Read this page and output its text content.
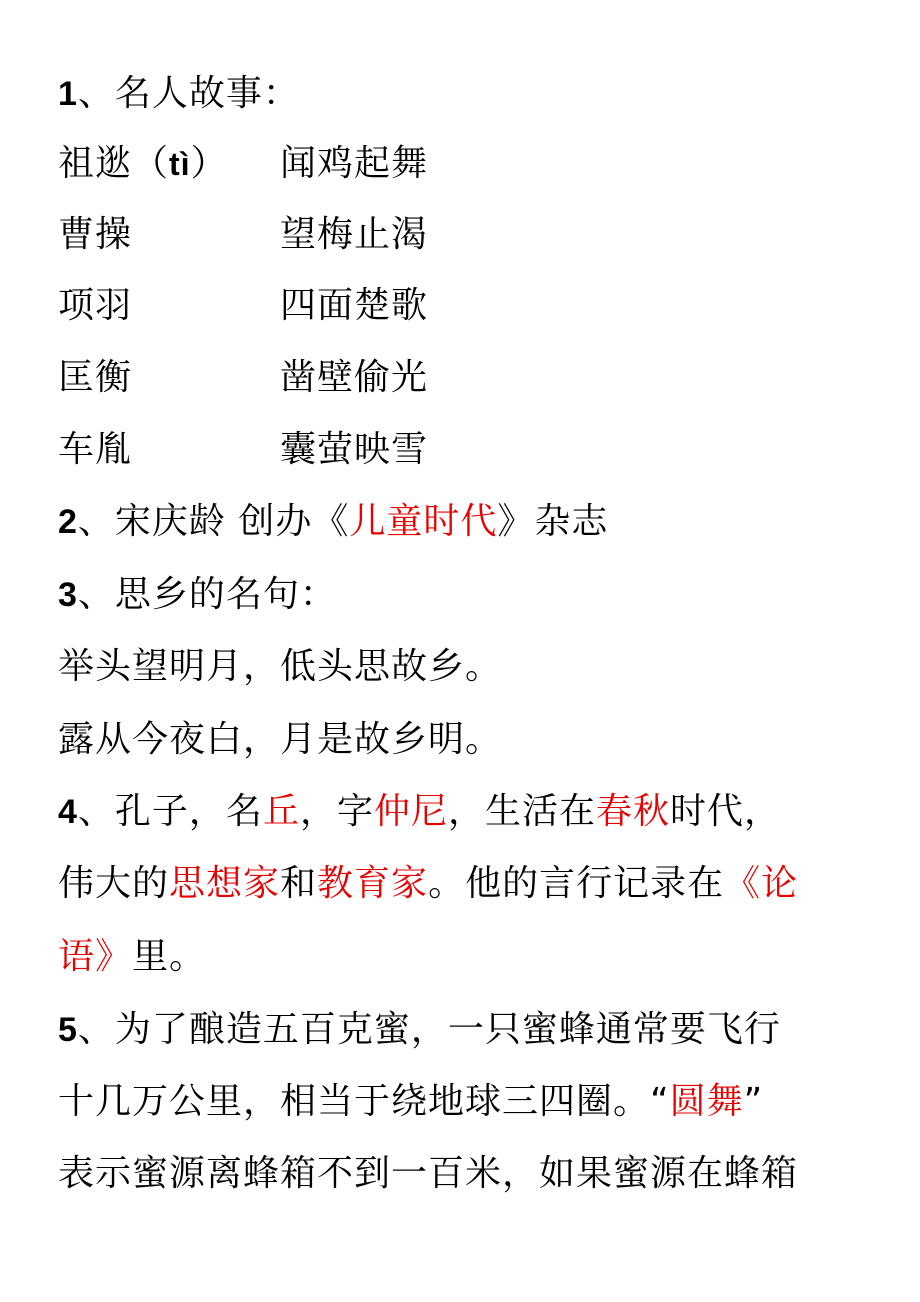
1、名人故事：
祖逖（tì） 闻鸡起舞
曹操	望梅止渴
项羽	四面楚歌
匡衡	凿壁偷光
车胤	囊萤映雪
2、宋庆龄 创办《儿童时代》杂志
3、思乡的名句：
举头望明月，低头思故乡。
露从今夜白，月是故乡明。
4、孔子，名丘，字仲尼，生活在春秋时代，
伟大的思想家和教育家。他的言行记录在《论
语》里。
5、为了酿造五百克蜜，一只蜜蜂通常要飞行
十几万公里，相当于绕地球三四圈。“圆舞”
表示蜜源离蜂箱不到一百米，如果蜜源在蜂箱
